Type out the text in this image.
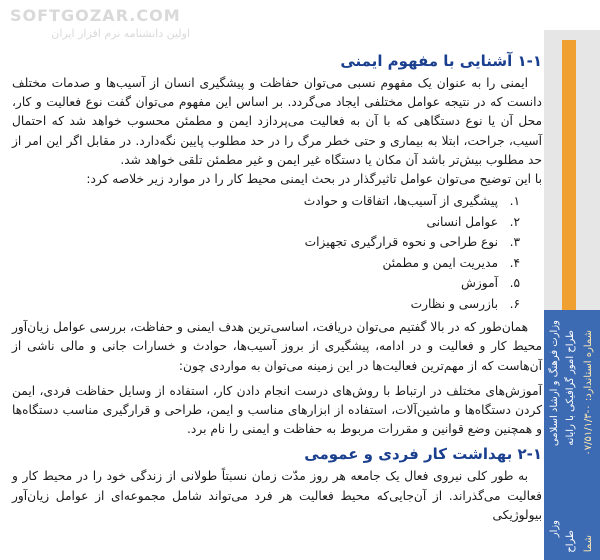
SOFTGOZAR.COM
اولین دانشنامه نرم افزار ایران
وزارت فرهنگ و ارشاد اسلامی طراح امور گرافیکی با رایانه شماره استاندارد: ۰-۰۷/۵۱/۱/۳
وزار
طراح شما
۱-۱ آشنایی با مفهوم ایمنی

ایمنی را به عنوان یک مفهوم نسبی می‌توان حفاظت و پیشگیری انسان از آسیب‌ها و صدمات مختلف دانست که در نتیجه عوامل مختلفی ایجاد می‌گردد. بر اساس این مفهوم می‌توان گفت نوع فعالیت و کار، محل آن یا نوع دستگاهی که با آن به فعالیت می‌پردازد ایمن و مطمئن محسوب خواهد شد که احتمال آسیب، جراحت، ابتلا به بیماری و حتی خطر مرگ را در حد مطلوب پایین نگه‌دارد. در مقابل اگر این امر از حد مطلوب بیش‌تر باشد آن مکان یا دستگاه غیر ایمن و غیر مطمئن تلقی خواهد شد.

با این توضیح می‌توان عوامل تاثیرگذار در بحث ایمنی محیط کار را در موارد زیر خلاصه کرد:

۱.
پیشگیری از آسیب‌ها، اتفاقات و حوادث
۲.
عوامل انسانی
۳.
نوع طراحی و نحوه قرارگیری تجهیزات
۴.
مدیریت ایمن و مطمئن
۵.
آموزش
۶.
بازرسی و نظارت

همان‌طور که در بالا گفتیم می‌توان دریافت، اساسی‌ترین هدف ایمنی و حفاظت، بررسی عوامل زیان‌آور محیط کار و فعالیت و در ادامه، پیشگیری از بروز آسیب‌ها، حوادث و خسارات جانی و مالی ناشی از آن‌هاست که از مهم‌ترین فعالیت‌ها در این زمینه می‌توان به مواردی چون:

آموزش‌های مختلف در ارتباط با روش‌های درست انجام دادن کار، استفاده از وسایل حفاظت فردی، ایمن کردن دستگاه‌ها و ماشین‌آلات، استفاده از ابزارهای مناسب و ایمن، طراحی و قرارگیری مناسب دستگاه‌ها و همچنین وضع قوانین و مقررات مربوط به حفاظت و ایمنی را نام برد.

۲-۱ بهداشت کار فردی و عمومی

به طور کلی نیروی فعال یک جامعه هر روز مدّت زمان نسبتاً طولانی از زندگی خود را در محیط کار و فعالیت می‌گذراند. از آن‌جایی‌که محیط فعالیت هر فرد می‌تواند شامل مجموعه‌ای از عوامل زیان‌آور بیولوژیکی
